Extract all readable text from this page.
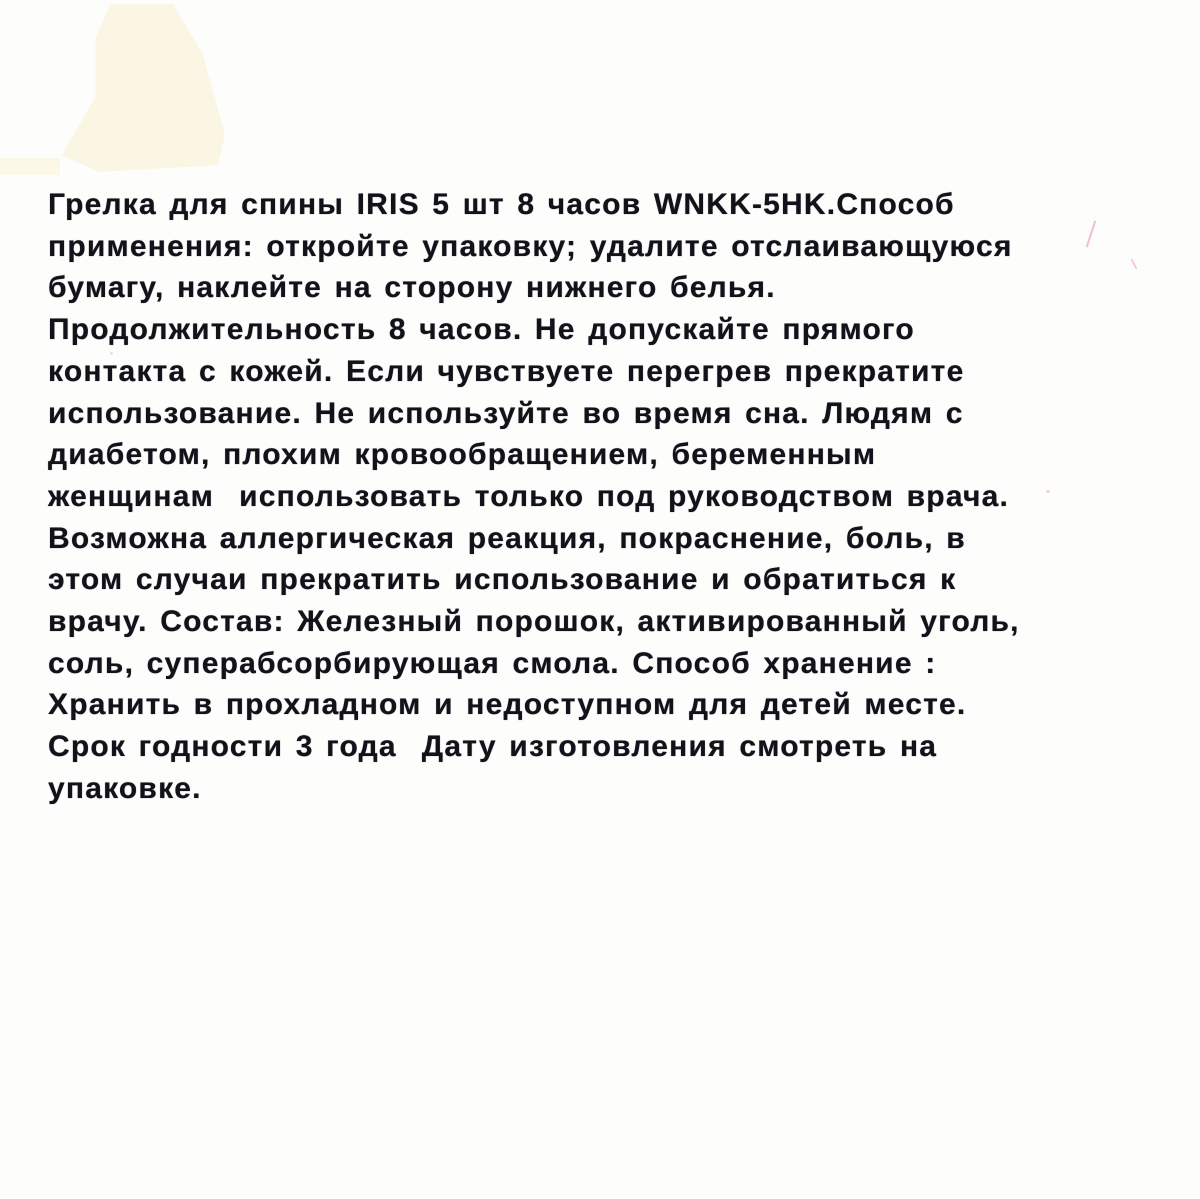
Грелка для спины IRIS 5 шт 8 часов WNKK-5HK.Способ
применения: откройте упаковку; удалите отслаивающуюся
бумагу, наклейте на сторону нижнего белья.
Продолжительность 8 часов. Не допускайте прямого
контакта с кожей. Если чувствуете перегрев прекратите
использование. Не используйте во время сна. Людям с
диабетом, плохим кровообращением, беременным
женщинам  использовать только под руководством врача.
Возможна аллергическая реакция, покраснение, боль, в
этом случаи прекратить использование и обратиться к
врачу. Состав: Железный порошок, активированный уголь,
соль, суперабсорбирующая смола. Способ хранение :
Хранить в прохладном и недоступном для детей месте.
Срок годности 3 года  Дату изготовления смотреть на
упаковке.
